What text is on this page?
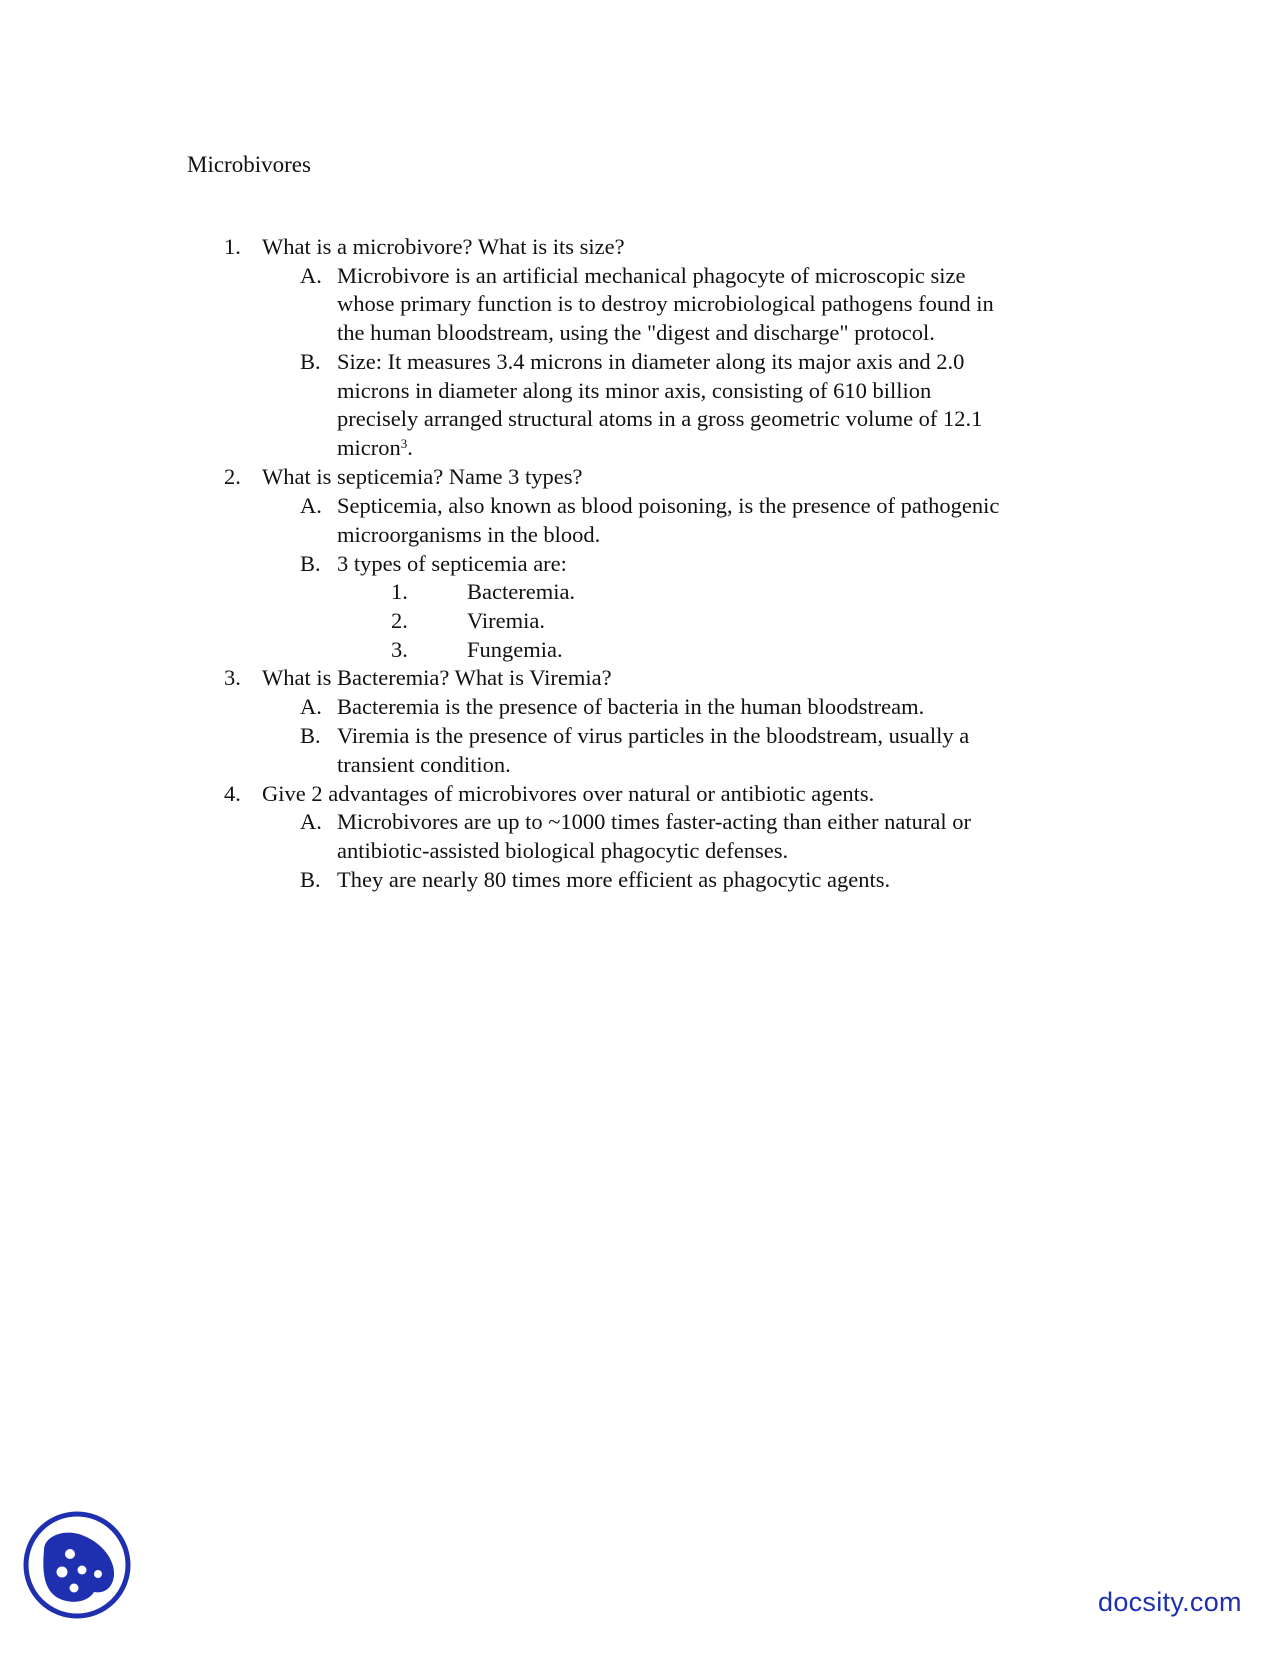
Microbivores
1. What is a microbivore? What is its size?
A. Microbivore is an artificial mechanical phagocyte of microscopic size
whose primary function is to destroy microbiological pathogens found in
the human bloodstream, using the "digest and discharge" protocol.
B. Size: It measures 3.4 microns in diameter along its major axis and 2.0
microns in diameter along its minor axis, consisting of 610 billion
precisely arranged structural atoms in a gross geometric volume of 12.1
micron$^3$.
2. What is septicemia? Name 3 types?
A. Septicemia, also known as blood poisoning, is the presence of pathogenic
microorganisms in the blood.
B. 3 types of septicemia are:
1.	Bacteremia.
2.	Viremia.
3.	Fungemia.
3. What is Bacteremia? What is Viremia?
A. Bacteremia is the presence of bacteria in the human bloodstream.
B. Viremia is the presence of virus particles in the bloodstream, usually a
transient condition.
4. Give 2 advantages of microbivores over natural or antibiotic agents.
A. Microbivores are up to ~1000 times faster-acting than either natural or
antibiotic-assisted biological phagocytic defenses.
B. They are nearly 80 times more efficient as phagocytic agents.
docsity.com
